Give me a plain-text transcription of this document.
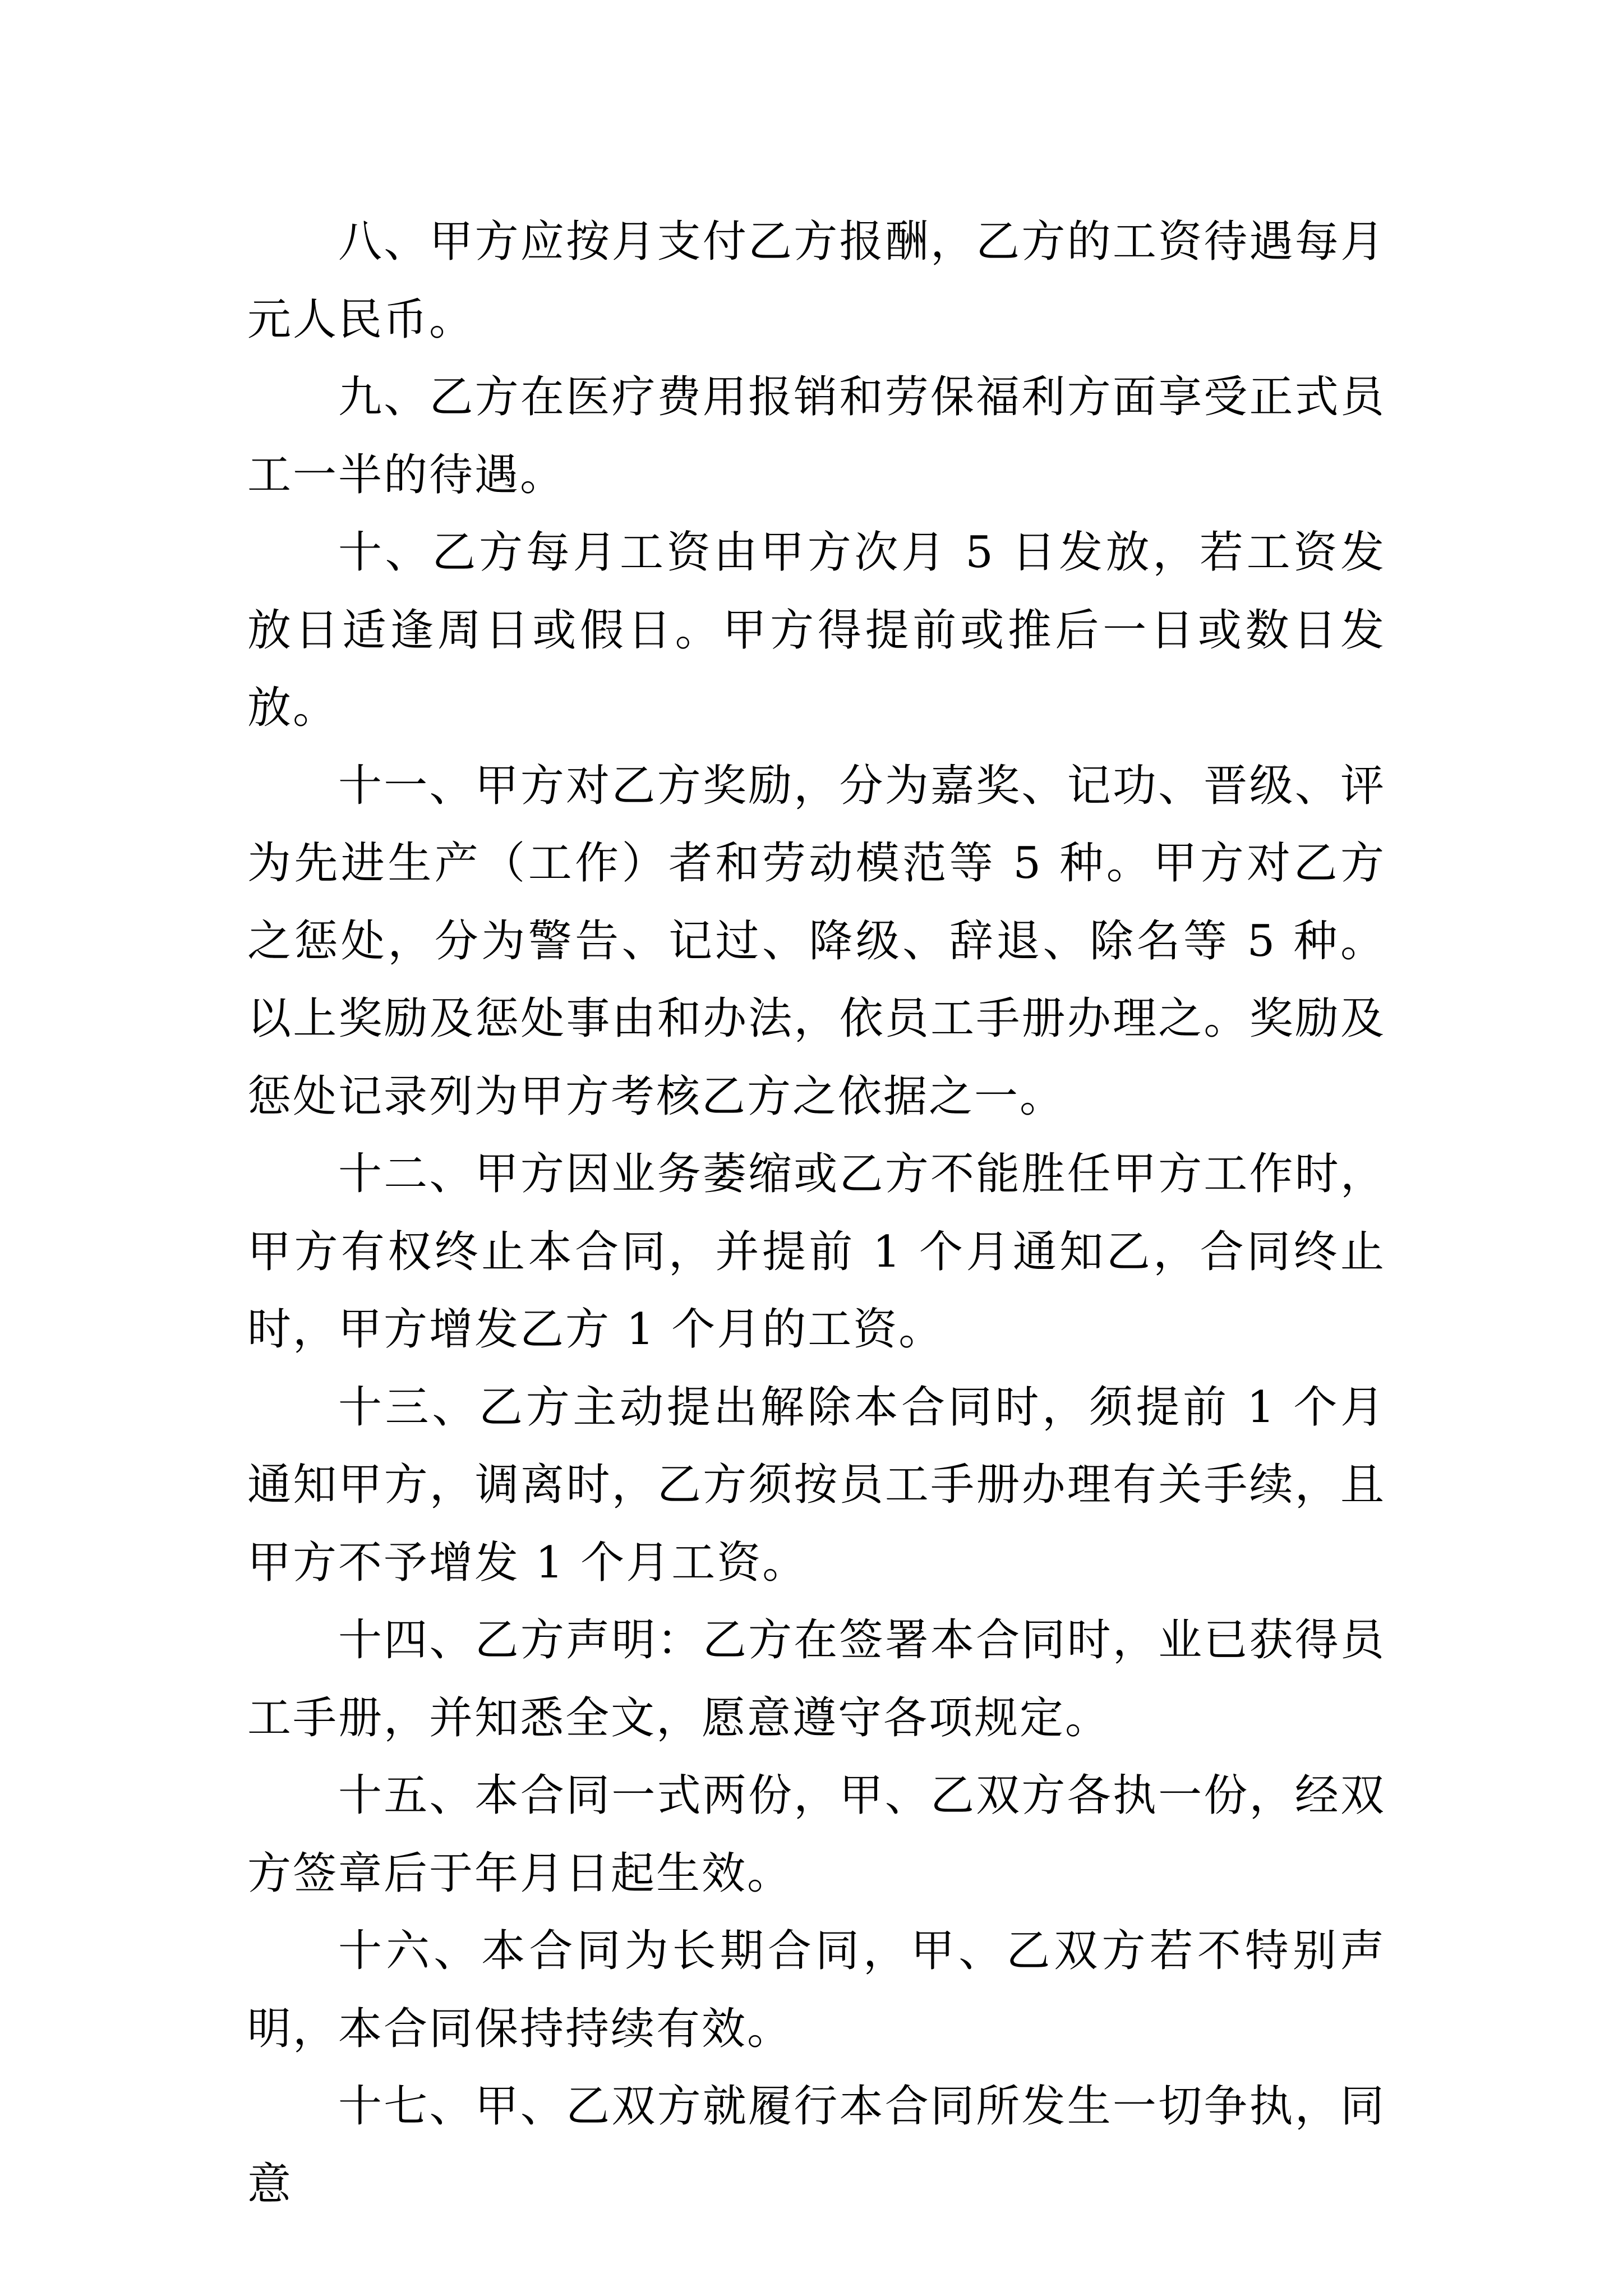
八、甲方应按月支付乙方报酬，乙方的工资待遇每月元人民币。

九、乙方在医疗费用报销和劳保福利方面享受正式员工一半的待遇。

十、乙方每月工资由甲方次月 5 日发放，若工资发放日适逢周日或假日。甲方得提前或推后一日或数日发放。

十一、甲方对乙方奖励，分为嘉奖、记功、晋级、评为先进生产（工作）者和劳动模范等 5 种。甲方对乙方之惩处，分为警告、记过、降级、辞退、除名等 5 种。以上奖励及惩处事由和办法，依员工手册办理之。奖励及惩处记录列为甲方考核乙方之依据之一。

十二、甲方因业务萎缩或乙方不能胜任甲方工作时，甲方有权终止本合同，并提前 1 个月通知乙，合同终止时，甲方增发乙方 1 个月的工资。

十三、乙方主动提出解除本合同时，须提前 1 个月通知甲方，调离时，乙方须按员工手册办理有关手续，且甲方不予增发 1 个月工资。

十四、乙方声明：乙方在签署本合同时，业已获得员工手册，并知悉全文，愿意遵守各项规定。

十五、本合同一式两份，甲、乙双方各执一份，经双方签章后于年月日起生效。

十六、本合同为长期合同，甲、乙双方若不特别声明，本合同保持持续有效。

十七、甲、乙双方就履行本合同所发生一切争执，同意
